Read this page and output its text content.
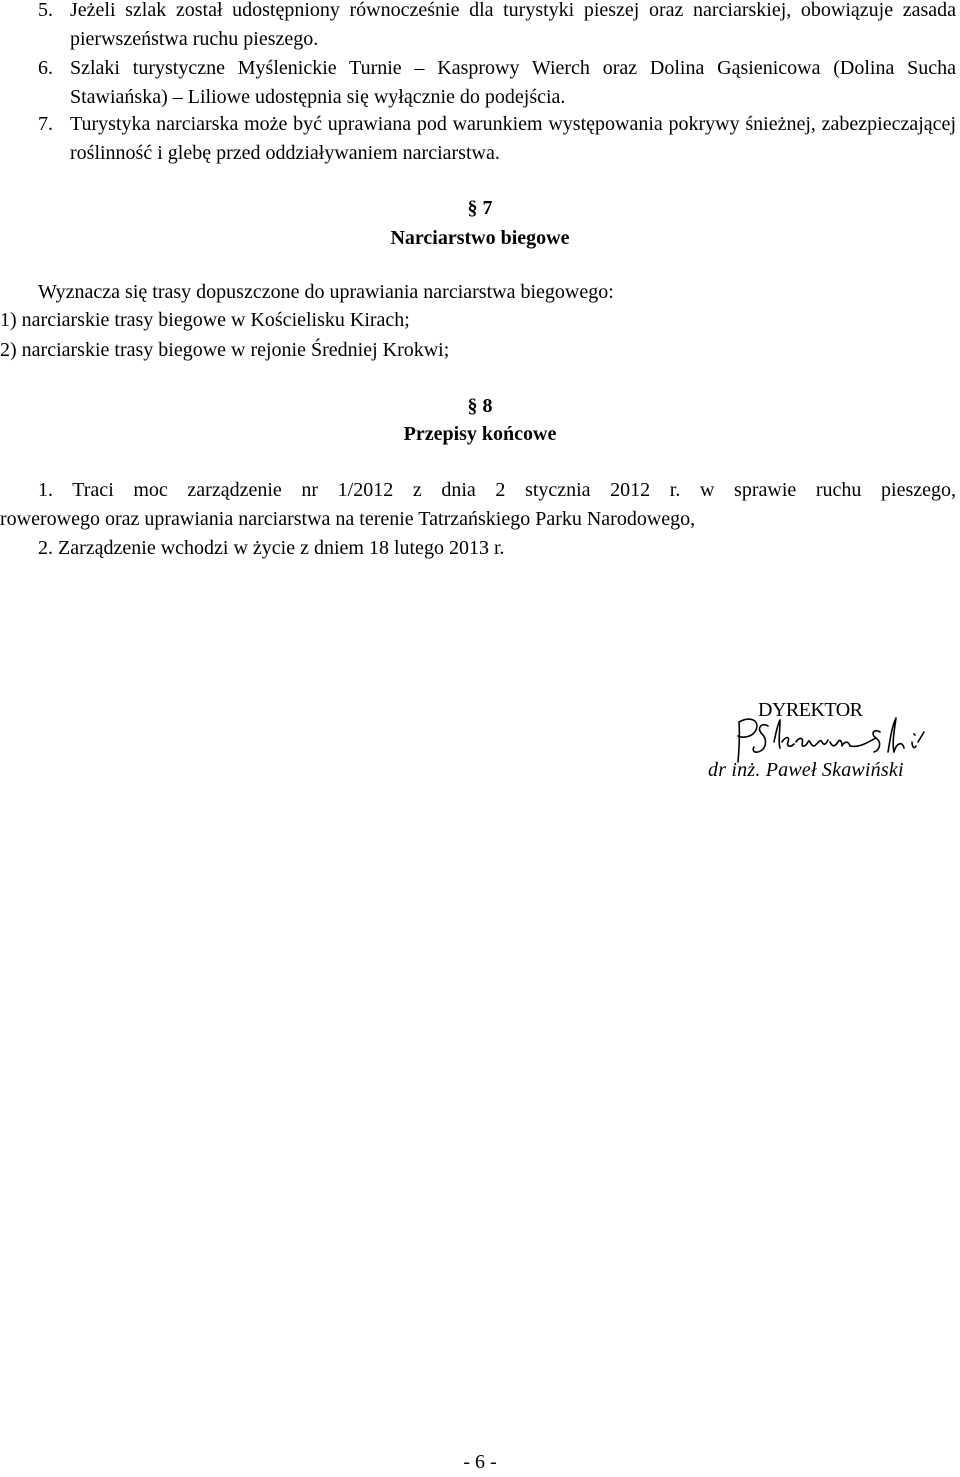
5. Jeżeli szlak został udostępniony równocześnie dla turystyki pieszej oraz narciarskiej, obowiązuje zasada pierwszeństwa ruchu pieszego.
6. Szlaki turystyczne Myślenickie Turnie – Kasprowy Wierch oraz Dolina Gąsienicowa (Dolina Sucha Stawiańska) – Liliowe udostępnia się wyłącznie do podejścia.
7. Turystyka narciarska może być uprawiana pod warunkiem występowania pokrywy śnieżnej, zabezpieczającej roślinność i glebę przed oddziaływaniem narciarstwa.
§ 7
Narciarstwo biegowe
Wyznacza się trasy dopuszczone do uprawiania narciarstwa biegowego:
1) narciarskie trasy biegowe w Kościelisku Kirach;
2) narciarskie trasy biegowe w rejonie Średniej Krokwi;
§ 8
Przepisy końcowe
1. Traci moc zarządzenie nr 1/2012 z dnia 2 stycznia 2012 r. w sprawie ruchu pieszego,
rowerowego oraz uprawiania narciarstwa na terenie Tatrzańskiego Parku Narodowego,
2. Zarządzenie wchodzi w życie z dniem 18 lutego 2013 r.
DYREKTOR
dr inż. Paweł Skawiński
- 6 -
